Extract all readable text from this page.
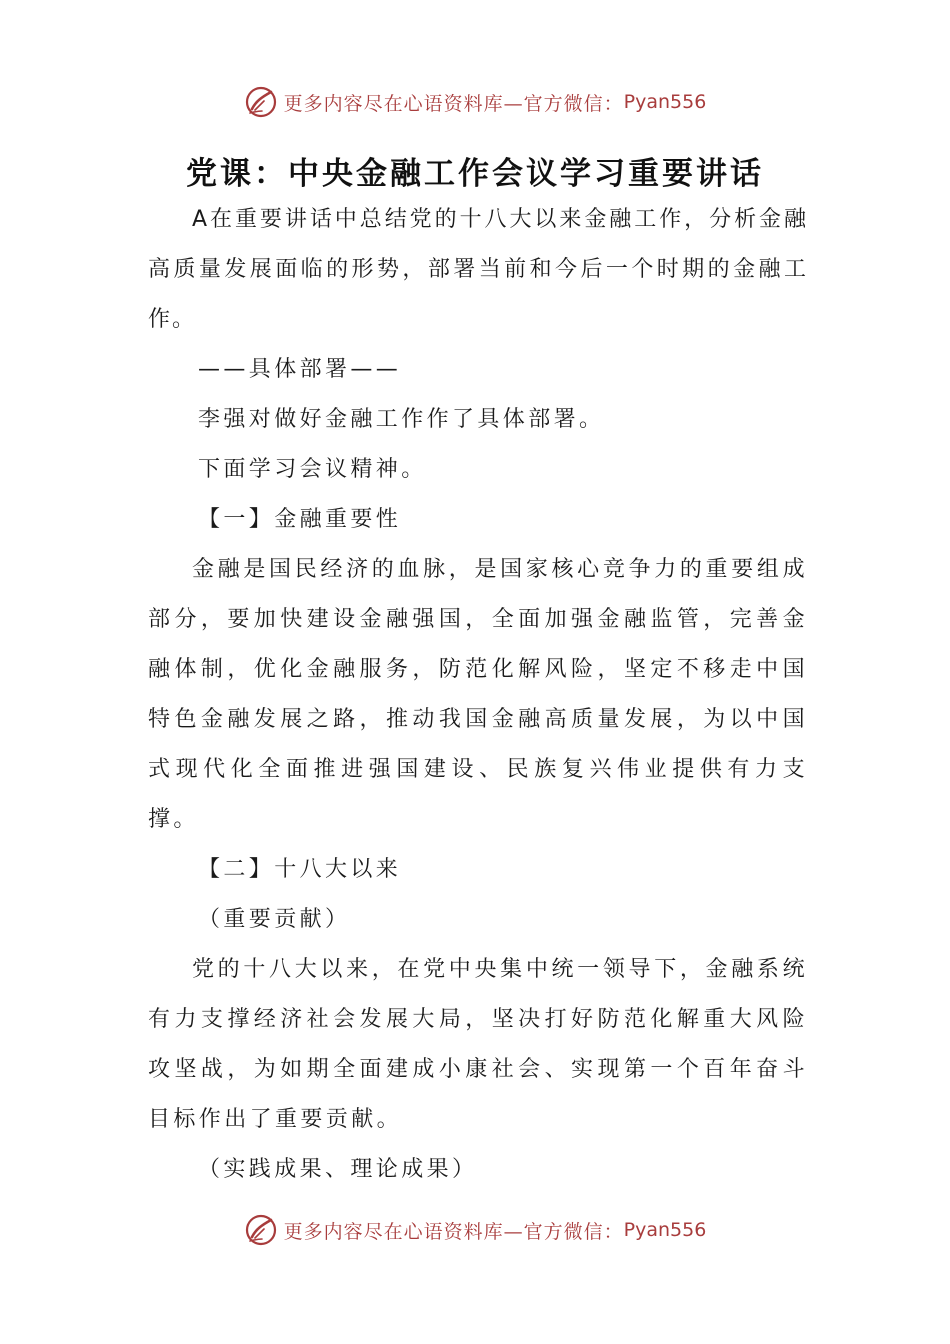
更多内容尽在心语资料库—官方微信： Pyan556
党课：中央金融工作会议学习重要讲话

A在重要讲话中总结党的十八大以来金融工作，分析金融高质量发展面临的形势，部署当前和今后一个时期的金融工作。

——具体部署——

李强对做好金融工作作了具体部署。

下面学习会议精神。

【一】金融重要性

金融是国民经济的血脉，是国家核心竞争力的重要组成部分，要加快建设金融强国，全面加强金融监管，完善金融体制，优化金融服务，防范化解风险，坚定不移走中国特色金融发展之路，推动我国金融高质量发展，为以中国式现代化全面推进强国建设、民族复兴伟业提供有力支撑。

【二】十八大以来

（重要贡献）

党的十八大以来，在党中央集中统一领导下，金融系统有力支撑经济社会发展大局，坚决打好防范化解重大风险攻坚战，为如期全面建成小康社会、实现第一个百年奋斗目标作出了重要贡献。

（实践成果、理论成果）

更多内容尽在心语资料库—官方微信： Pyan556
